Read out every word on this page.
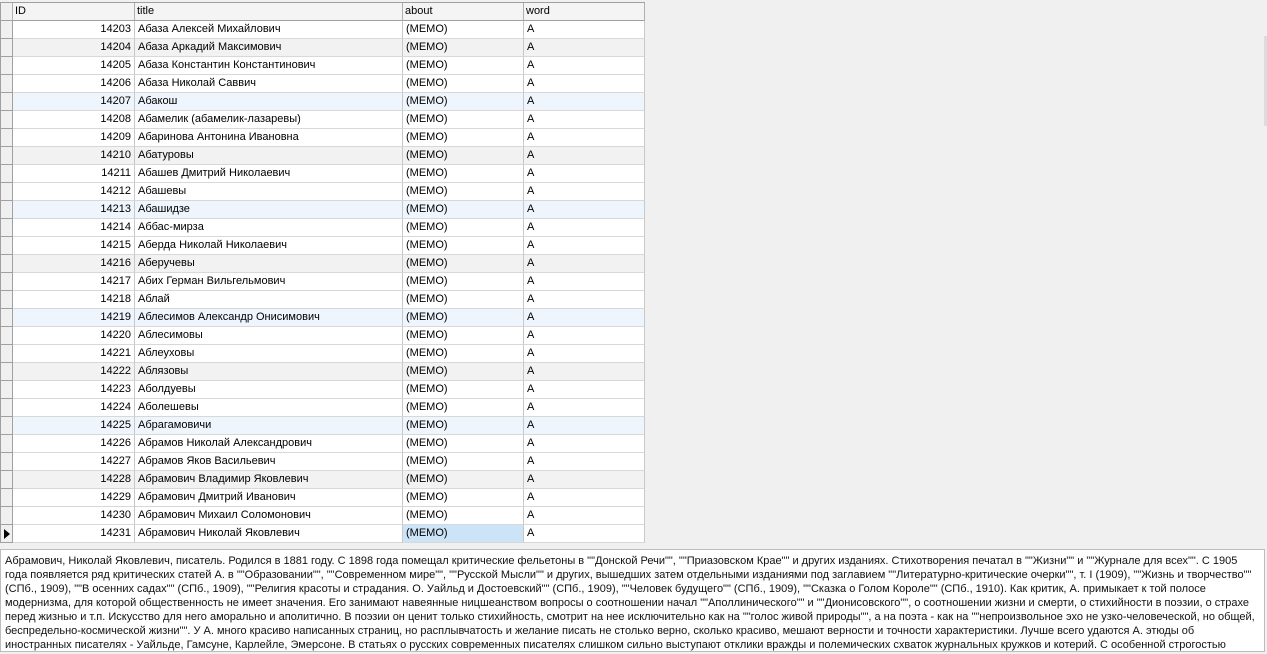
ID	title	about	word
14203 Абаза Алексей Михайлович	(MEMO)	А
14204 Абаза Аркадий Максимович	(MEMO)	А
14205 Абаза Константин Константинович	(MEMO)	А
14206 Абаза Николай Саввич	(MEMO)	А
14207 Абакош	(MEMO)	А
14208 Абамелик (абамелик-лазаревы)	(MEMO)	А
14209 Абаринова Антонина Ивановна	(MEMO)	А
14210 Абатуровы	(MEMO)	А
14211 Абашев Дмитрий Николаевич	(MEMO)	А
14212 Абашевы	(MEMO)	А
14213 Абашидзе	(MEMO)	А
14214 Аббас-мирза	(MEMO)	А
14215 Аберда Николай Николаевич	(MEMO)	А
14216 Аберучевы	(MEMO)	А
14217 Абих Герман Вильгельмович	(MEMO)	А
14218 Аблай	(MEMO)	А
14219 Аблесимов Александр Онисимович	(MEMO)	А
14220 Аблесимовы	(MEMO)	А
14221 Аблеуховы	(MEMO)	А
14222 Аблязовы	(MEMO)	А
14223 Аболдуевы	(MEMO)	А
14224 Аболешевы	(MEMO)	А
14225 Абрагамовичи	(MEMO)	А
14226 Абрамов Николай Александрович	(MEMO)	А
14227 Абрамов Яков Васильевич	(MEMO)	А
14228 Абрамович Владимир Яковлевич	(MEMO)	А
14229 Абрамович Дмитрий Иванович	(MEMO)	А
14230 Абрамович Михаил Соломонович	(MEMO)	А
14231 Абрамович Николай Яковлевич	(MEMO)	А
Абрамович, Николай Яковлевич, писатель. Родился в 1881 году. С 1898 года помещал критические фельетоны в ""Донской Речи"", ""Приазовском Крае"" и других изданиях. Стихотворения печатал в ""Жизни"" и ""Журнале для всех"". С 1905 года появляется ряд критических статей А. в ""Образовании"", ""Современном мире"", ""Русской Мысли"" и других, вышедших затем отдельными изданиями под заглавием ""Литературно-критические очерки"", т. I (1909), ""Жизнь и творчество"" (СПб., 1909), ""В осенних садах"" (СПб., 1909), ""Религия красоты и страдания. О. Уайльд и Достоевский"" (СПб., 1909), ""Человек будущего"" (СПб., 1909), ""Сказка о Голом Короле"" (СПб., 1910). Как критик, А. примыкает к той полосе модернизма, для которой общественность не имеет значения. Его занимают навеянные ницшеанством вопросы о соотношении начал ""Аполлинического"" и ""Дионисовского"", о соотношении жизни и смерти, о стихийности в поэзии, о страхе перед жизнью и т.п. Искусство для него аморально и аполитично. В поэзии он ценит только стихийность, смотрит на нее исключительно как на ""голос живой природы"", а на поэта - как на ""непроизвольное эхо не узко-человеческой, но общей, беспредельно-космической жизни"". У А. много красиво написанных страниц, но расплывчатость и желание писать не столько верно, сколько красиво, мешают верности и точности характеристики. Лучше всего удаются А. этюды об иностранных писателях - Уайльде, Гамсуне, Карлейле, Эмерсоне. В статьях о русских современных писателях слишком сильно выступают отклики вражды и полемических схваток журнальных кружков и котерий. С особенной строгостью
